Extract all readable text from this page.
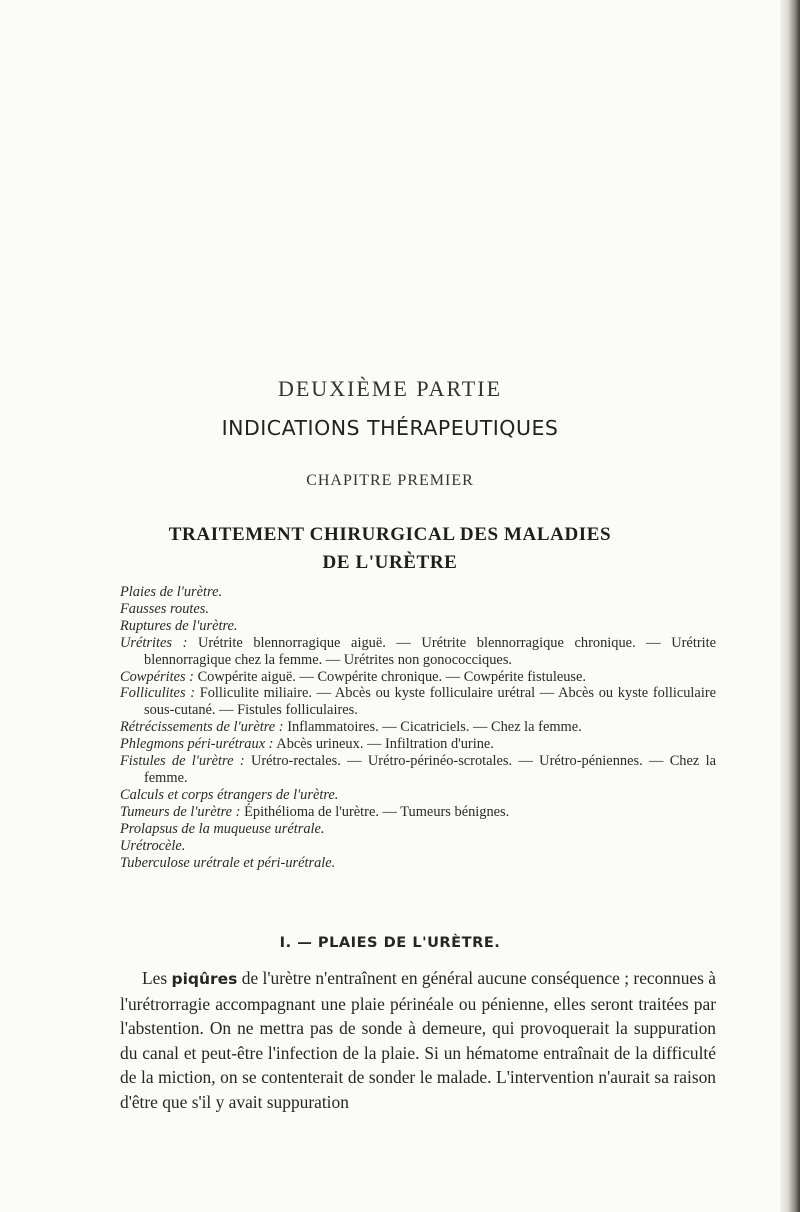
DEUXIÈME PARTIE
INDICATIONS THÉRAPEUTIQUES
CHAPITRE PREMIER
TRAITEMENT CHIRURGICAL DES MALADIES
DE L'URÈTRE

Plaies de l'urètre.

Fausses routes.

Ruptures de l'urètre.

Urétrites : Urétrite blennorragique aiguë. — Urétrite blennorragique chronique. — Urétrite blennorragique chez la femme. — Urétrites non gonococciques.

Cowpérites : Cowpérite aiguë. — Cowpérite chronique. — Cowpérite fistuleuse.

Folliculites : Folliculite miliaire. — Abcès ou kyste folliculaire urétral — Abcès ou kyste folliculaire sous-cutané. — Fistules folliculaires.

Rétrécissements de l'urètre : Inflammatoires. — Cicatriciels. — Chez la femme.

Phlegmons péri-urétraux : Abcès urineux. — Infiltration d'urine.

Fistules de l'urètre : Urétro-rectales. — Urétro-périnéo-scrotales. — Urétro-péniennes. — Chez la femme.

Calculs et corps étrangers de l'urètre.

Tumeurs de l'urètre : Épithélioma de l'urètre. — Tumeurs bénignes.

Prolapsus de la muqueuse urétrale.

Urétrocèle.

Tuberculose urétrale et péri-urétrale.

I. — PLAIES DE L'URÈTRE.

Les piqûres de l'urètre n'entraînent en général aucune conséquence ; reconnues à l'urétrorragie accompagnant une plaie périnéale ou pénienne, elles seront traitées par l'abstention. On ne mettra pas de sonde à demeure, qui provoquerait la suppuration du canal et peut-être l'infection de la plaie. Si un hématome entraînait de la difficulté de la miction, on se contenterait de sonder le malade. L'intervention n'aurait sa raison d'être que s'il y avait suppuration
